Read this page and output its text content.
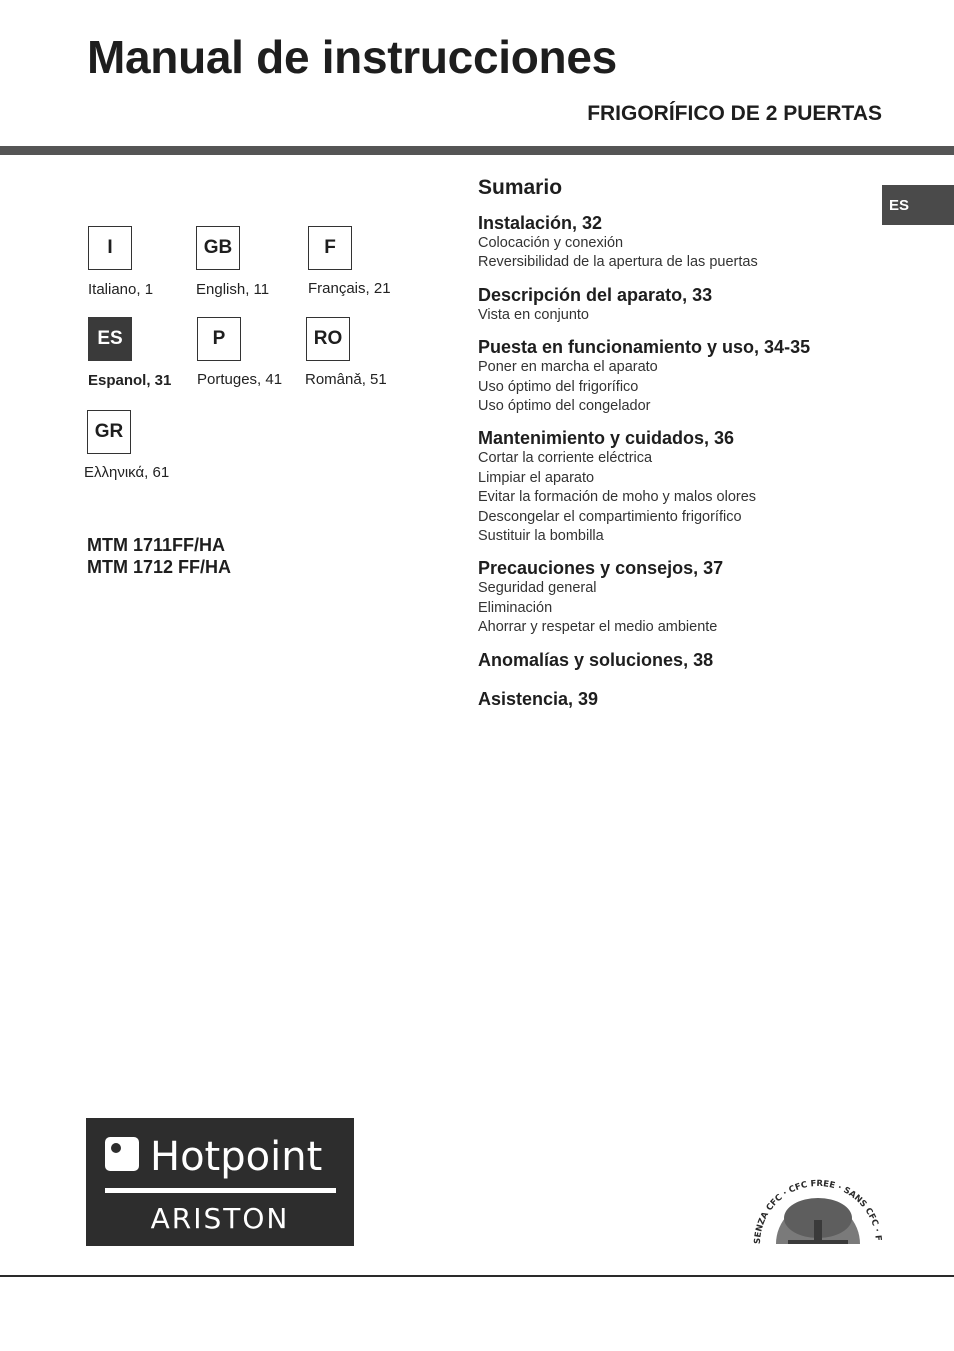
Manual de instrucciones
FRIGORÍFICO DE 2 PUERTAS
ES
I
Italiano, 1
GB
English, 11
F
Français, 21
ES
Espanol, 31
P
Portuges, 41
RO
Românǎ, 51
GR
Ελληνικά, 61
MTM 1711FF/HA
MTM 1712 FF/HA
Sumario
Instalación, 32
Colocación y conexión
Reversibilidad de la apertura de las puertas
Descripción del aparato, 33
Vista en conjunto
Puesta en funcionamiento y uso, 34-35
Poner en marcha el aparato
Uso óptimo del frigorífico
Uso óptimo del congelador
Mantenimiento y cuidados, 36
Cortar la corriente eléctrica
Limpiar el aparato
Evitar la formación de moho y malos olores
Descongelar el compartimiento frigorífico
Sustituir la bombilla
Precauciones y consejos, 37
Seguridad general
Eliminación
Ahorrar y respetar el medio ambiente
Anomalías y soluciones, 38
Asistencia, 39
Hotpoint
ARISTON
SENZA CFC · CFC FREE · SANS CFC · F
